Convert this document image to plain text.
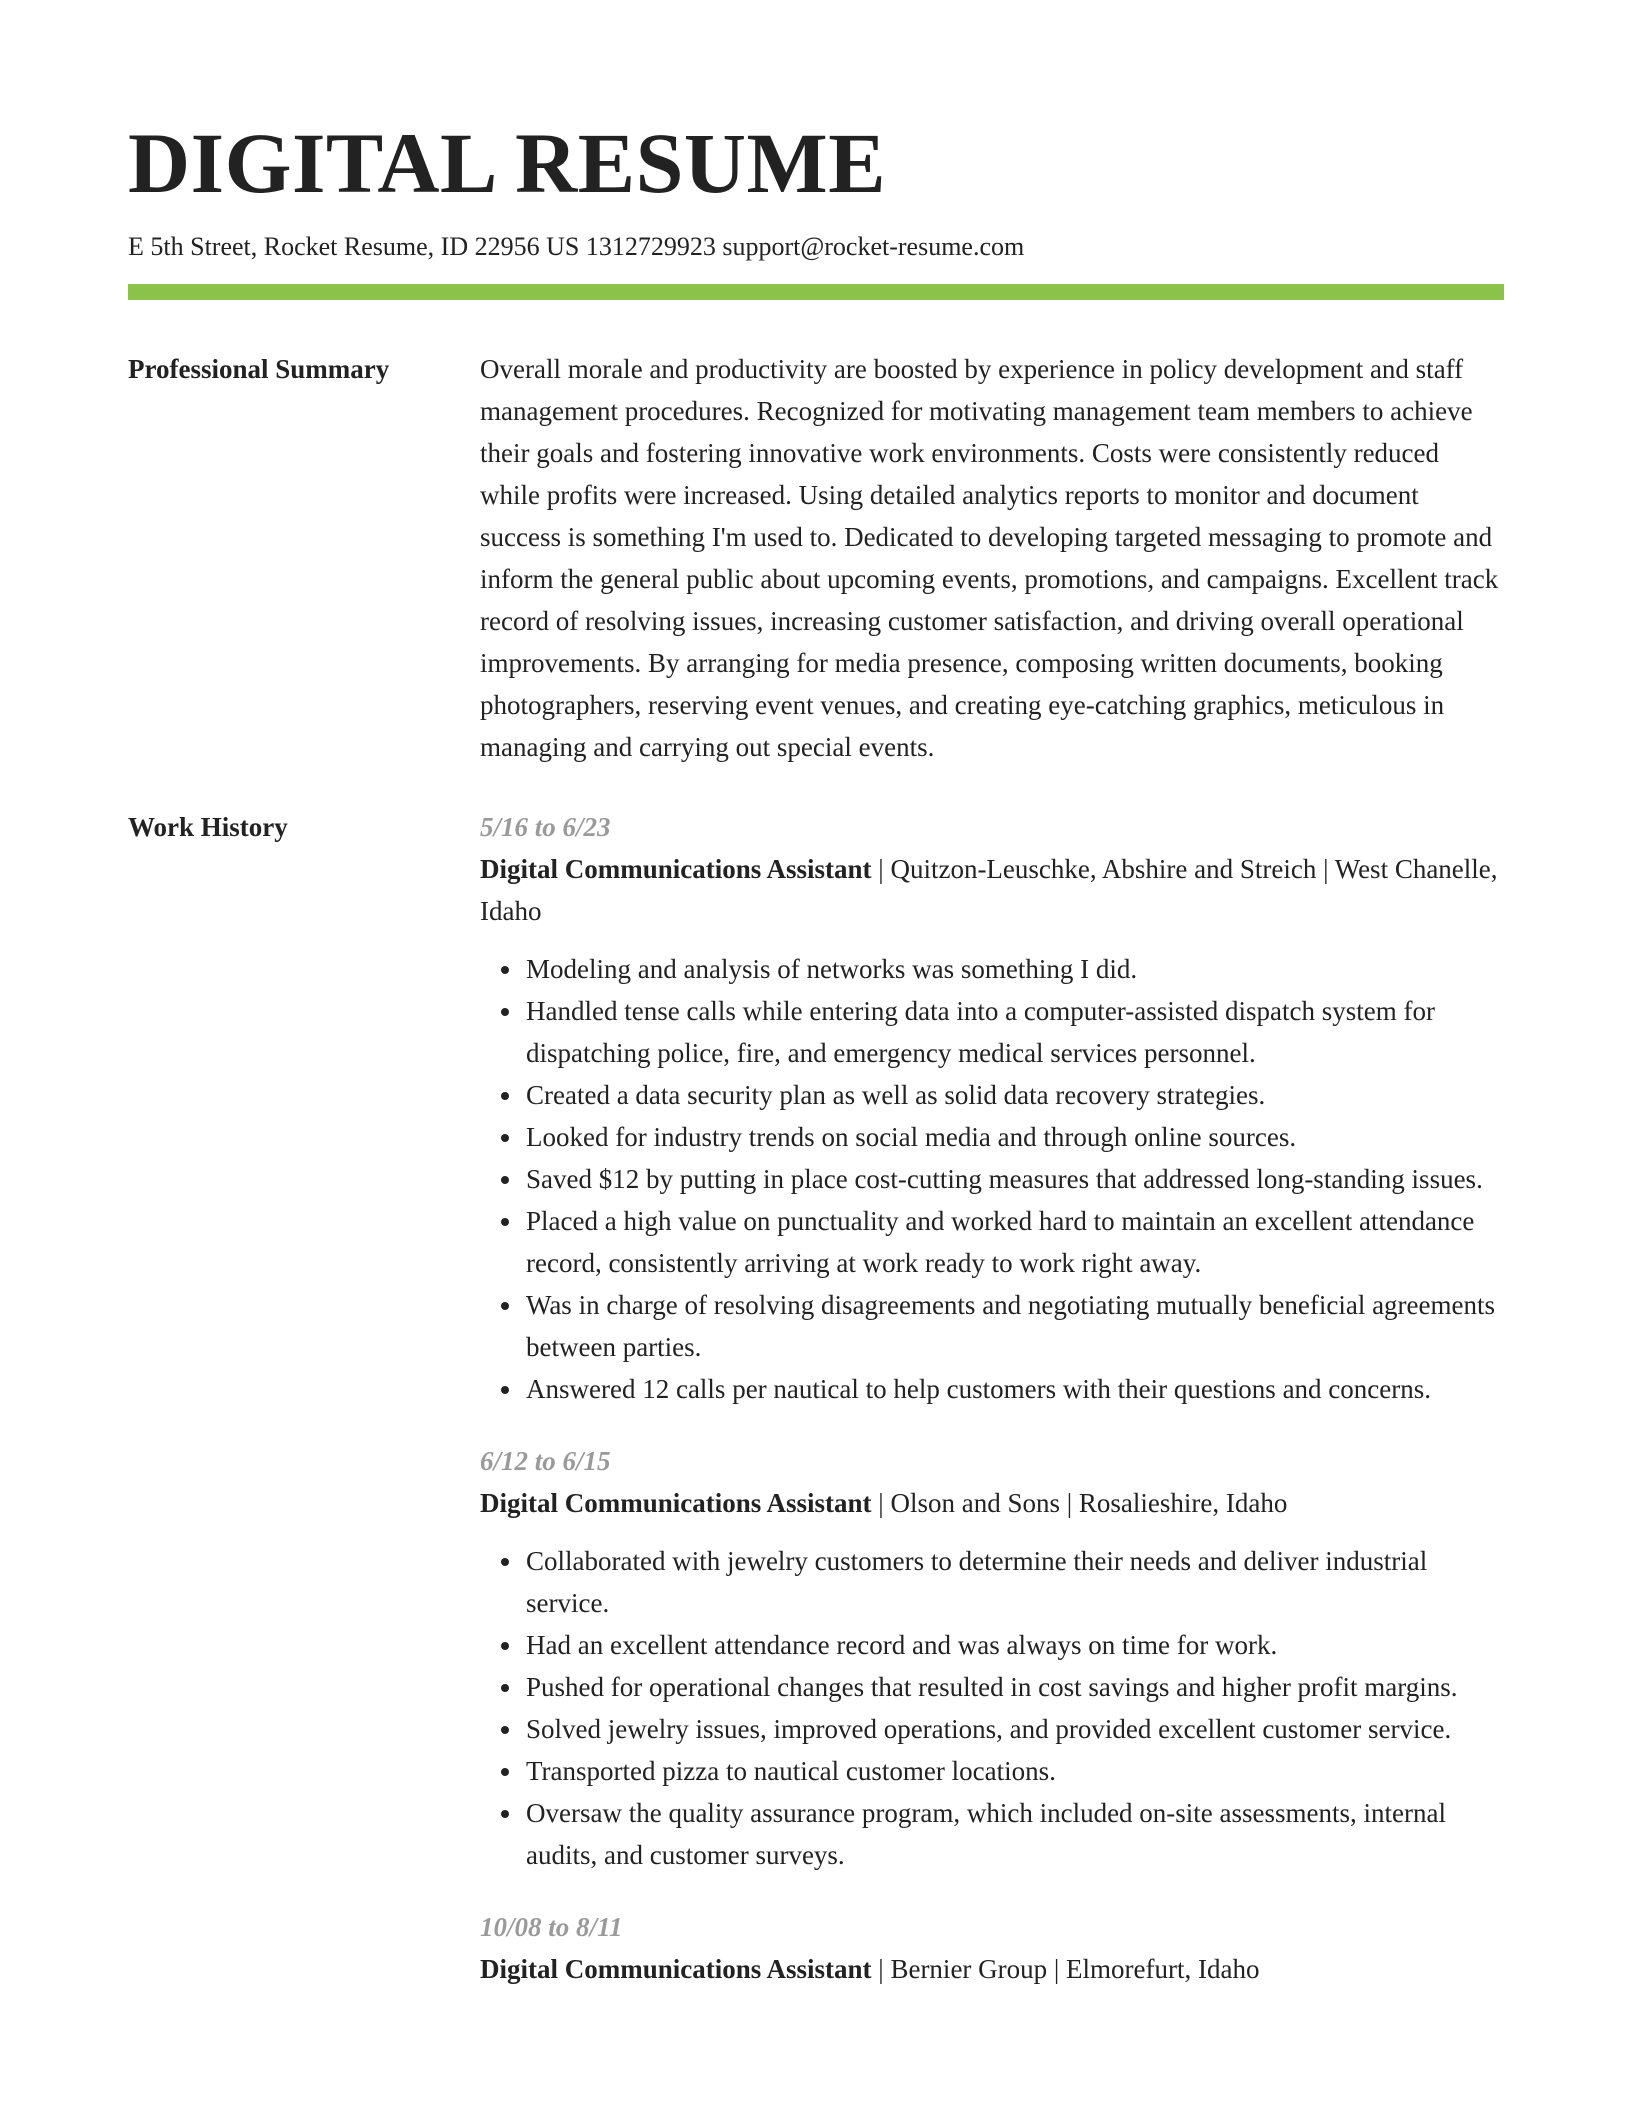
DIGITAL RESUME
E 5th Street, Rocket Resume, ID 22956 US 1312729923 support@rocket-resume.com
Professional Summary	Overall morale and productivity are boosted by experience in policy development and staff management procedures. Recognized for motivating management team members to achieve their goals and fostering innovative work environments. Costs were consistently reduced while profits were increased. Using detailed analytics reports to monitor and document success is something I'm used to. Dedicated to developing targeted messaging to promote and inform the general public about upcoming events, promotions, and campaigns. Excellent track record of resolving issues, increasing customer satisfaction, and driving overall operational improvements. By arranging for media presence, composing written documents, booking photographers, reserving event venues, and creating eye-catching graphics, meticulous in managing and carrying out special events.

Work History	5/16 to 6/23

Digital Communications Assistant | Quitzon-Leuschke, Abshire and Streich | West Chanelle, Idaho

• Modeling and analysis of networks was something I did.
• Handled tense calls while entering data into a computer-assisted dispatch system for dispatching police, fire, and emergency medical services personnel.
• Created a data security plan as well as solid data recovery strategies.
• Looked for industry trends on social media and through online sources.
• Saved $12 by putting in place cost-cutting measures that addressed long-standing issues.
• Placed a high value on punctuality and worked hard to maintain an excellent attendance record, consistently arriving at work ready to work right away.
• Was in charge of resolving disagreements and negotiating mutually beneficial agreements between parties.
• Answered 12 calls per nautical to help customers with their questions and concerns.
6/12 to 6/15

Digital Communications Assistant | Olson and Sons | Rosalieshire, Idaho

• Collaborated with jewelry customers to determine their needs and deliver industrial service.
• Had an excellent attendance record and was always on time for work.
• Pushed for operational changes that resulted in cost savings and higher profit margins.
• Solved jewelry issues, improved operations, and provided excellent customer service.
• Transported pizza to nautical customer locations.
• Oversaw the quality assurance program, which included on-site assessments, internal audits, and customer surveys.
10/08 to 8/11

Digital Communications Assistant | Bernier Group | Elmorefurt, Idaho
